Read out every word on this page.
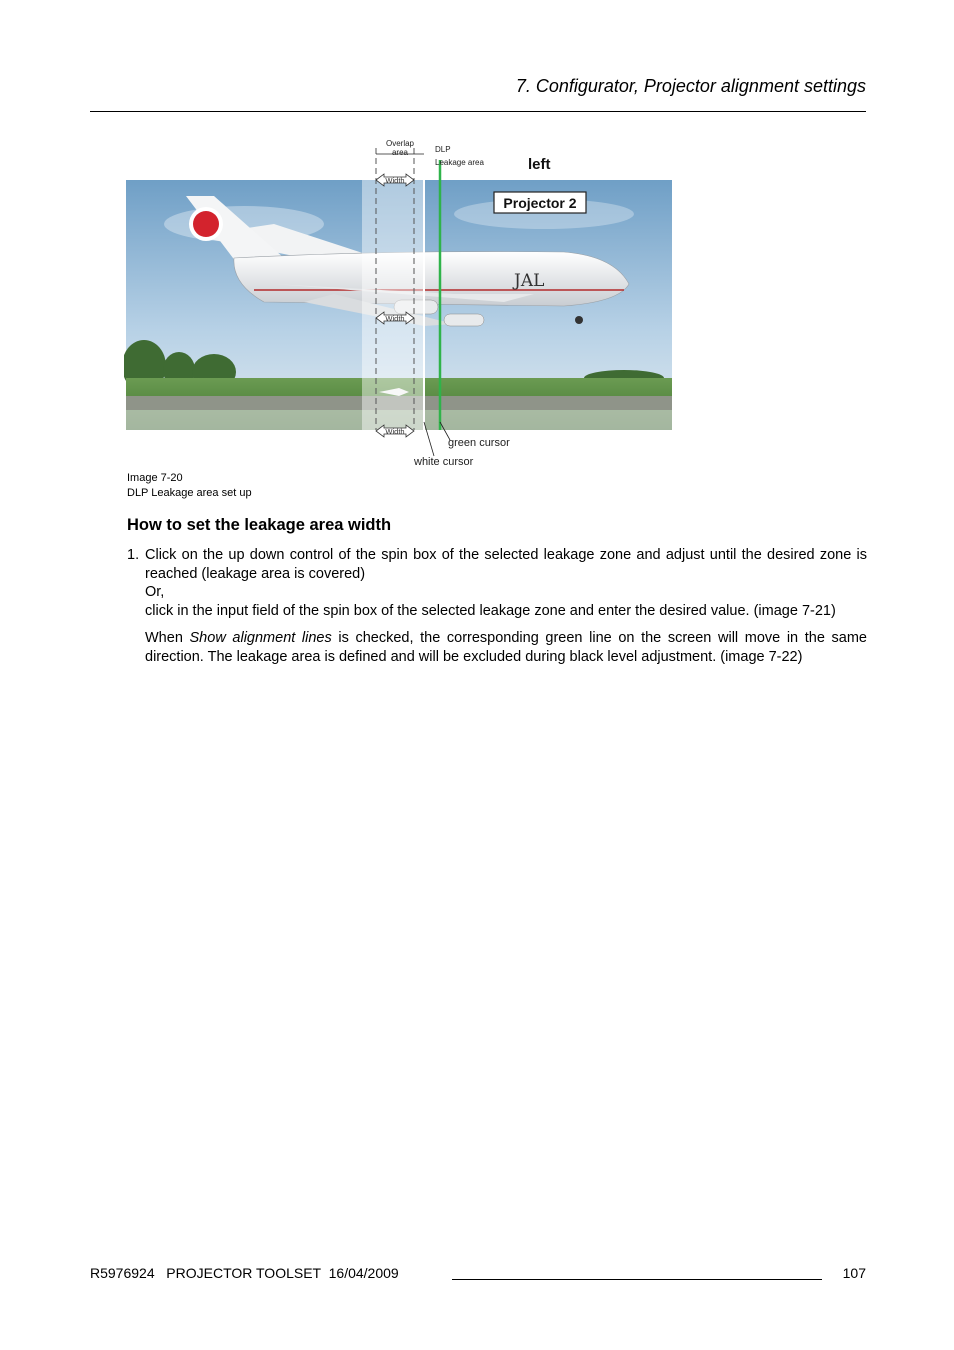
7. Configurator, Projector alignment settings
JAL
Overlap
area	DLP
Leakage area	left
Projector 2
Width
Width
Width
green cursor
white cursor
Image 7-20
DLP Leakage area set up
How to set the leakage area width
1. Click on the up down control of the spin box of the selected leakage zone and adjust until the desired zone is reached (leakage area is covered)

Or,

click in the input field of the spin box of the selected leakage zone and enter the desired value. (image 7-21)

When Show alignment lines is checked, the corresponding green line on the screen will move in the same direction. The leakage area is defined and will be excluded during black level adjustment. (image 7-22)

R5976924   PROJECTOR TOOLSET  16/04/2009	107
